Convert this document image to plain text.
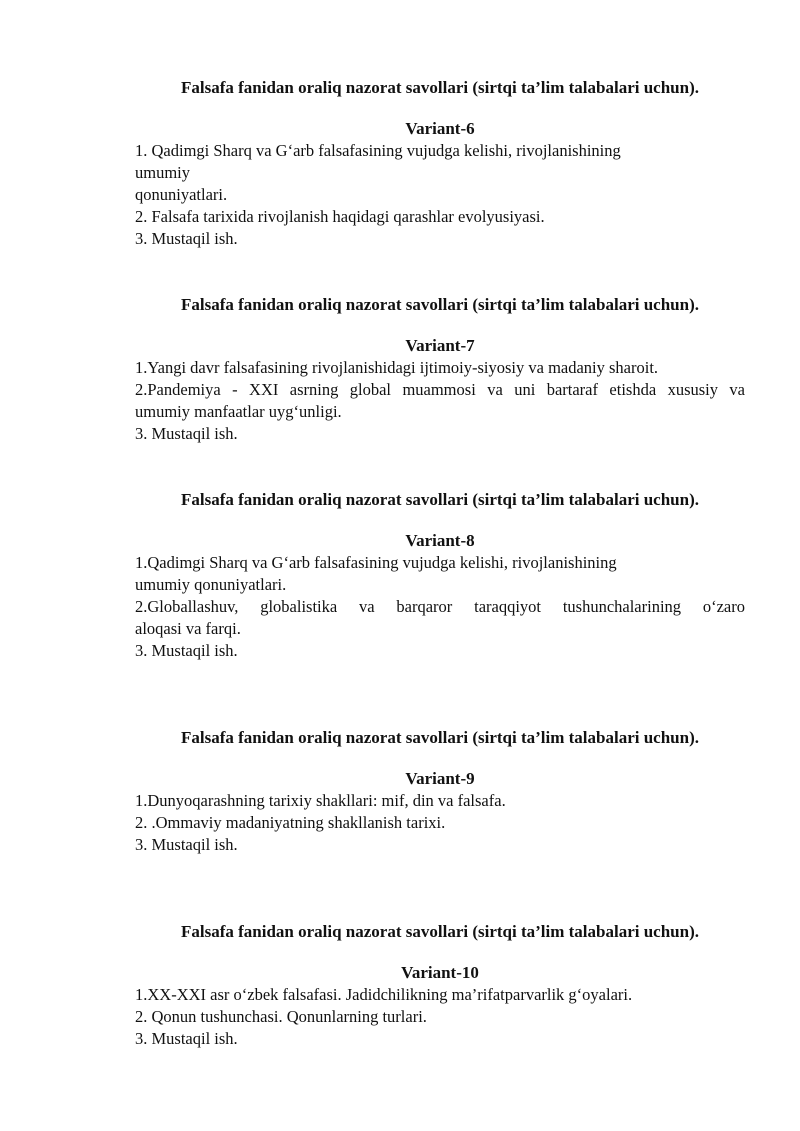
Falsafa fanidan oraliq nazorat savollari (sirtqi ta’lim talabalari uchun).

Variant-6

1. Qadimgi Sharq va G‘arb falsafasining vujudga kelishi, rivojlanishining

umumiy

qonuniyatlari.

2. Falsafa tarixida rivojlanish haqidagi qarashlar evolyusiyasi.

3. Mustaqil ish.

Falsafa fanidan oraliq nazorat savollari (sirtqi ta’lim talabalari uchun).

Variant-7

1.Yangi davr falsafasining rivojlanishidagi ijtimoiy-siyosiy va madaniy sharoit.

2.Pandemiya - XXI asrning global muammosi va uni bartaraf etishda xususiy va

umumiy manfaatlar uyg‘unligi.

3. Mustaqil ish.

Falsafa fanidan oraliq nazorat savollari (sirtqi ta’lim talabalari uchun).

Variant-8

1.Qadimgi Sharq va G‘arb falsafasining vujudga kelishi, rivojlanishining

umumiy qonuniyatlari.

2.Globallashuv, globalistika va barqaror taraqqiyot tushunchalarining o‘zaro

aloqasi va farqi.

3. Mustaqil ish.

Falsafa fanidan oraliq nazorat savollari (sirtqi ta’lim talabalari uchun).

Variant-9

1.Dunyoqarashning tarixiy shakllari: mif, din va falsafa.

2. .Ommaviy madaniyatning shakllanish tarixi.

3. Mustaqil ish.

Falsafa fanidan oraliq nazorat savollari (sirtqi ta’lim talabalari uchun).

Variant-10

1.XX-XXI asr o‘zbek falsafasi. Jadidchilikning ma’rifatparvarlik g‘oyalari.

2. Qonun tushunchasi. Qonunlarning turlari.

3. Mustaqil ish.
